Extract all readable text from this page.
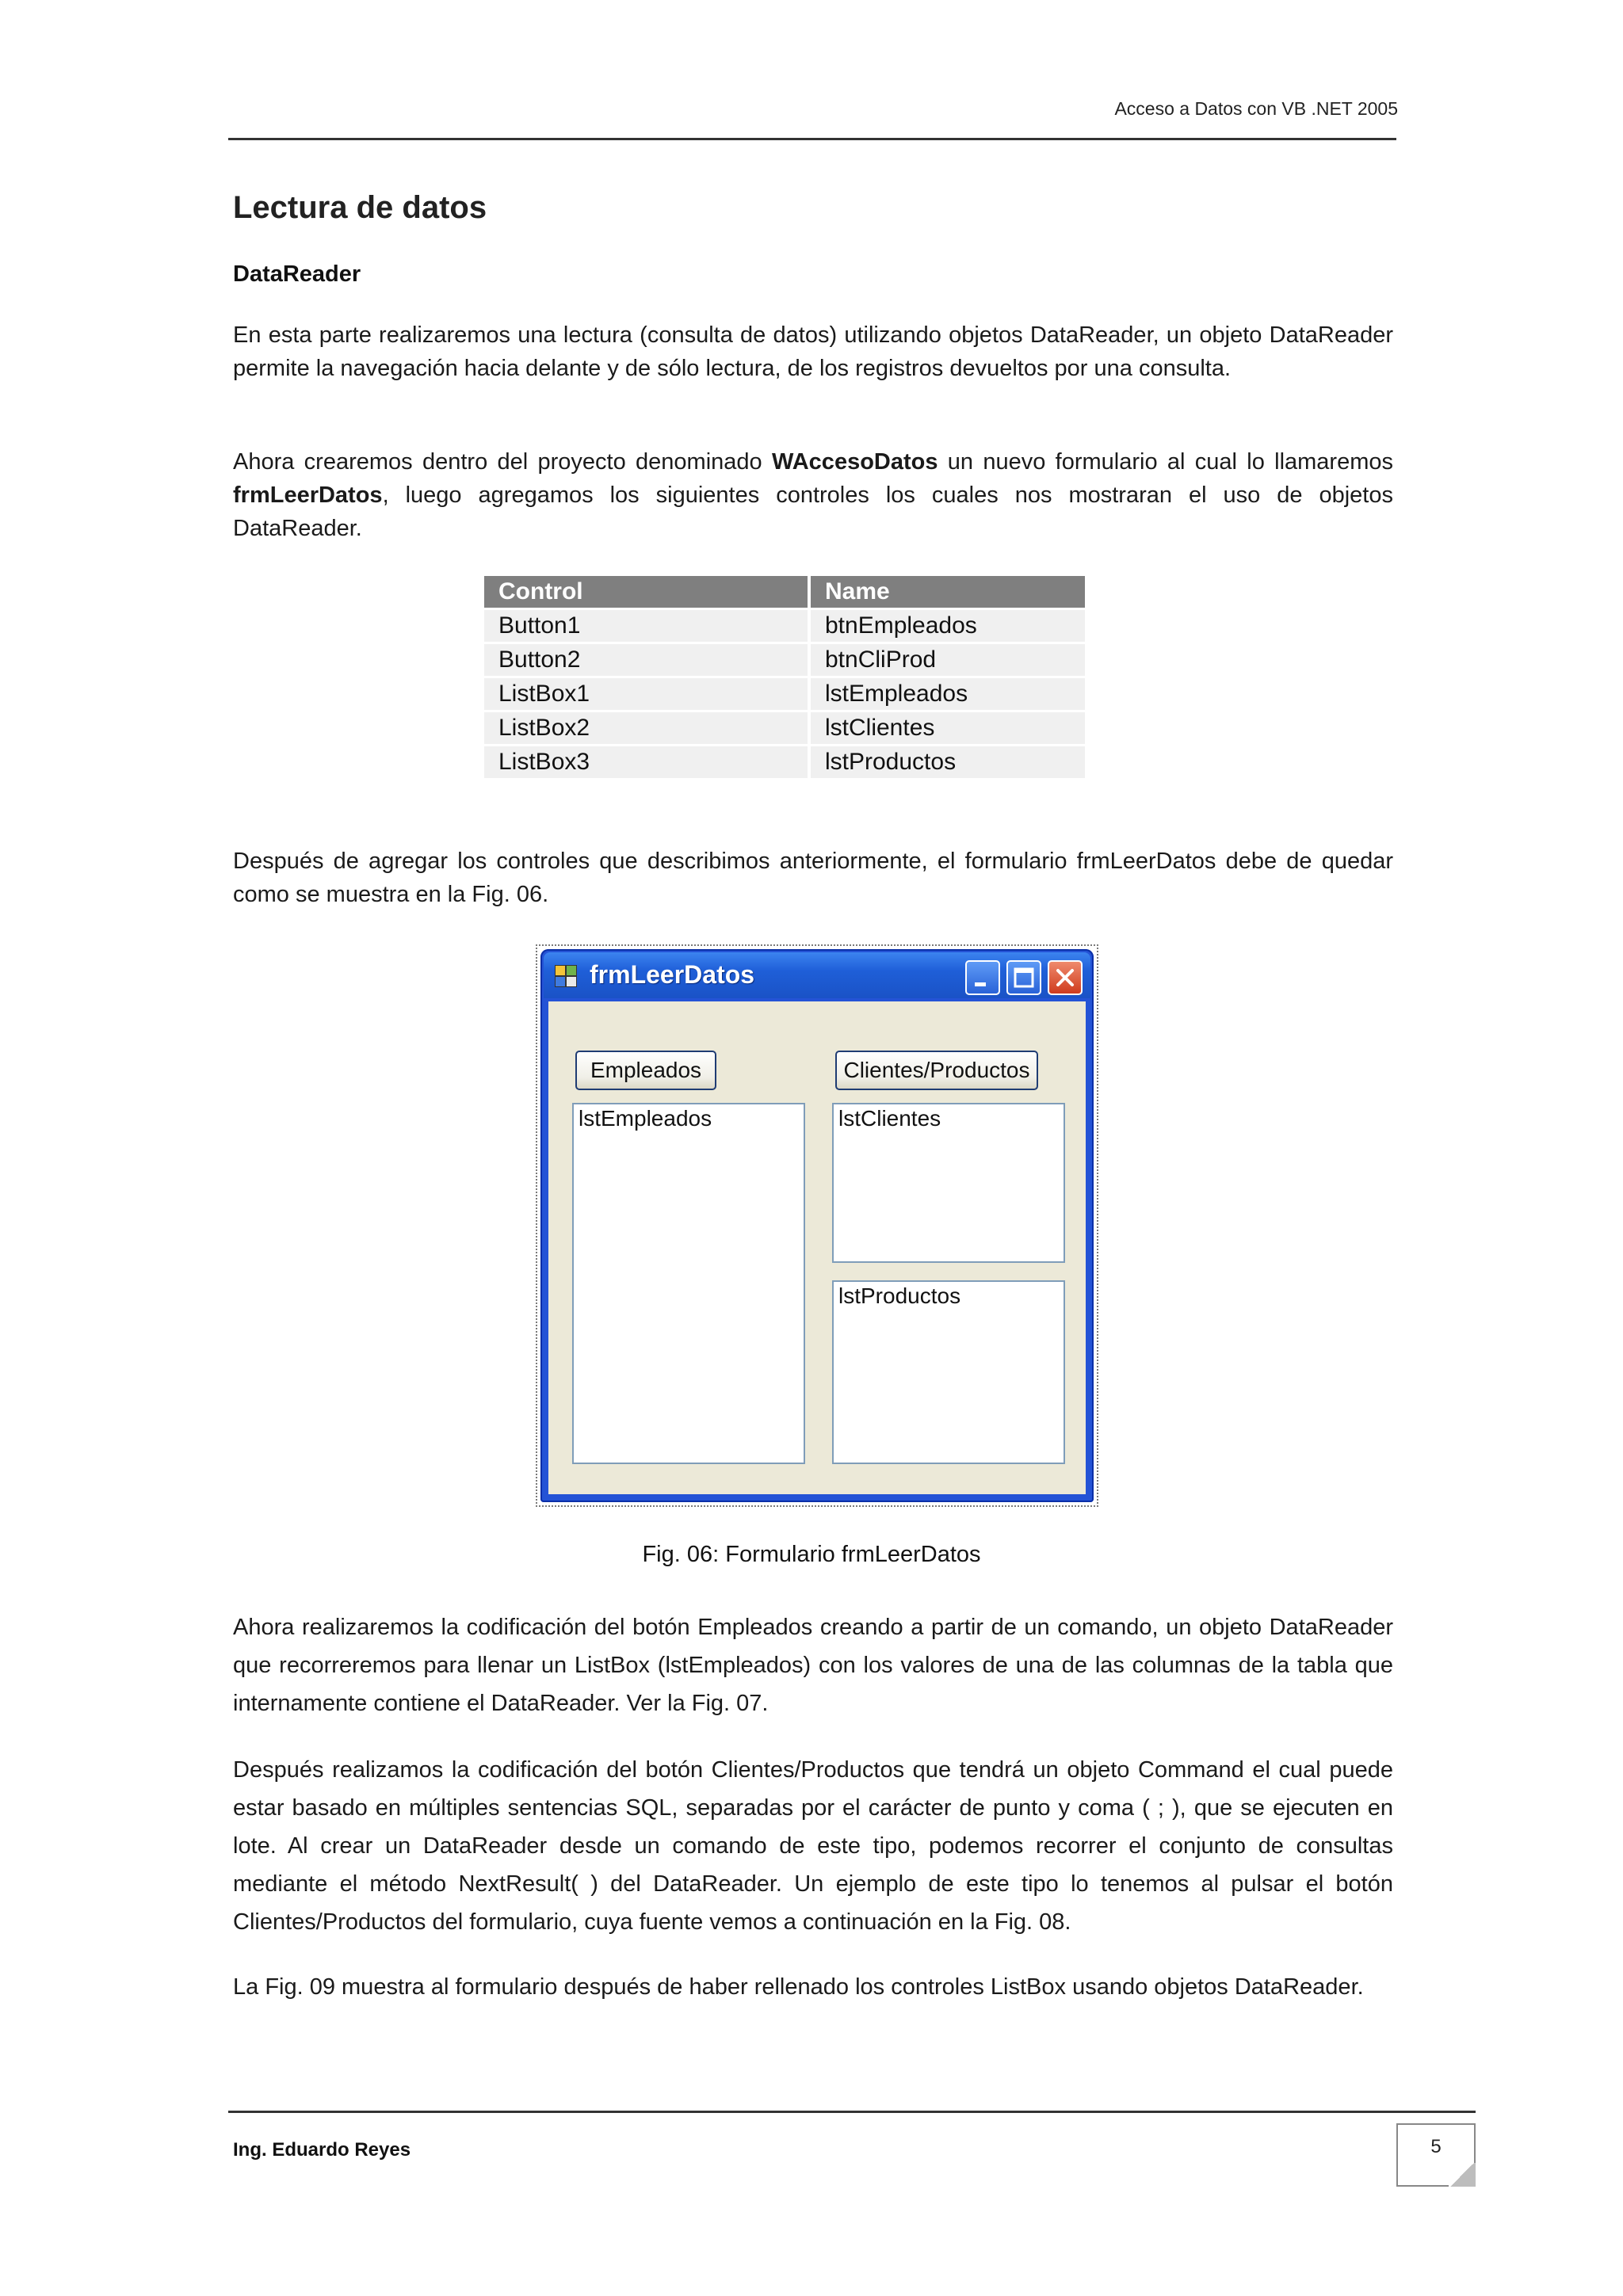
Acceso a Datos con VB .NET 2005
Lectura de datos
DataReader
En esta parte realizaremos una lectura (consulta de datos) utilizando objetos DataReader, un objeto DataReader permite la navegación hacia delante y de sólo lectura, de los registros devueltos por una consulta.
Ahora crearemos dentro del proyecto denominado WAccesoDatos un nuevo formulario al cual lo llamaremos frmLeerDatos, luego agregamos los siguientes controles los cuales nos mostraran el uso de objetos DataReader.
Control	Name
Button1	btnEmpleados
Button2	btnCliProd
ListBox1	lstEmpleados
ListBox2	lstClientes
ListBox3	lstProductos
Después de agregar los controles que describimos anteriormente, el formulario frmLeerDatos debe de quedar como se muestra en la Fig. 06.
frmLeerDatos
Empleados	Clientes/Productos
lstEmpleados	lstClientes
lstProductos
Fig. 06: Formulario frmLeerDatos
Ahora realizaremos la codificación del botón Empleados creando a partir de un comando, un objeto DataReader que recorreremos para llenar un ListBox (lstEmpleados) con los valores de una de las columnas de la tabla que internamente contiene el DataReader. Ver la Fig. 07.
Después realizamos la codificación del botón Clientes/Productos que tendrá un objeto Command el cual puede estar basado en múltiples sentencias SQL, separadas por el carácter de punto y coma ( ; ), que se ejecuten en lote. Al crear un DataReader desde un comando de este tipo, podemos recorrer el conjunto de consultas mediante el método NextResult( ) del DataReader. Un ejemplo de este tipo lo tenemos al pulsar el botón Clientes/Productos del formulario, cuya fuente vemos a continuación en la Fig. 08.
La Fig. 09 muestra al formulario después de haber rellenado los controles ListBox usando objetos DataReader.
Ing. Eduardo Reyes	5
